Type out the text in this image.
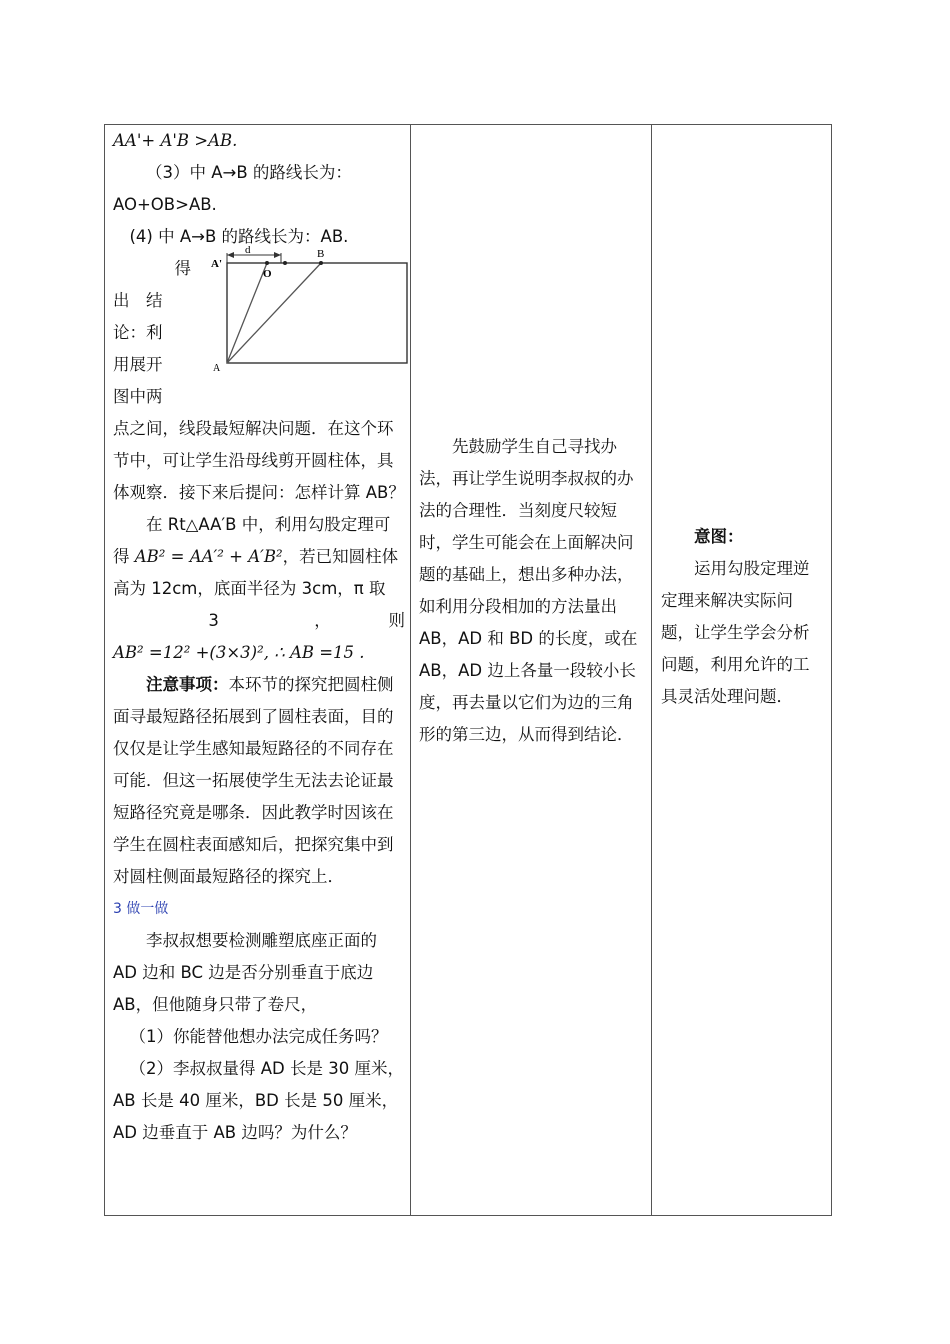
AA'+ A'B >AB.

（3）中 A→B 的路线长为：

AO+OB>AB.

(4) 中 A→B 的路线长为：AB.

得

出　结

论：利

用展开

d
A'
O
B
A

图中两

点之间，线段最短解决问题．在这个环节中，可让学生沿母线剪开圆柱体，具体观察．接下来后提问：怎样计算 AB？

在 Rt△AA′B 中，利用勾股定理可得 AB² = AA′² + A′B²，若已知圆柱体高为 12cm，底面半径为 3cm，π 取

3	，　　　　则

AB² =12² +(3×3)², ∴ AB =15 .

注意事项：本环节的探究把圆柱侧面寻最短路径拓展到了圆柱表面，目的仅仅是让学生感知最短路径的不同存在可能．但这一拓展使学生无法去论证最短路径究竟是哪条．因此教学时因该在学生在圆柱表面感知后，把探究集中到对圆柱侧面最短路径的探究上．

3 做一做

李叔叔想要检测雕塑底座正面的 AD 边和 BC 边是否分别垂直于底边 AB，但他随身只带了卷尺，

（1）你能替他想办法完成任务吗？

（2）李叔叔量得 AD 长是 30 厘米，AB 长是 40 厘米，BD 长是 50 厘米，AD 边垂直于 AB 边吗？为什么？

先鼓励学生自己寻找办法，再让学生说明李叔叔的办法的合理性．当刻度尺较短时，学生可能会在上面解决问题的基础上，想出多种办法，如利用分段相加的方法量出 AB，AD 和 BD 的长度，或在 AB，AD 边上各量一段较小长度，再去量以它们为边的三角形的第三边，从而得到结论．

意图：

运用勾股定理逆定理来解决实际问题，让学生学会分析问题，利用允许的工具灵活处理问题．
